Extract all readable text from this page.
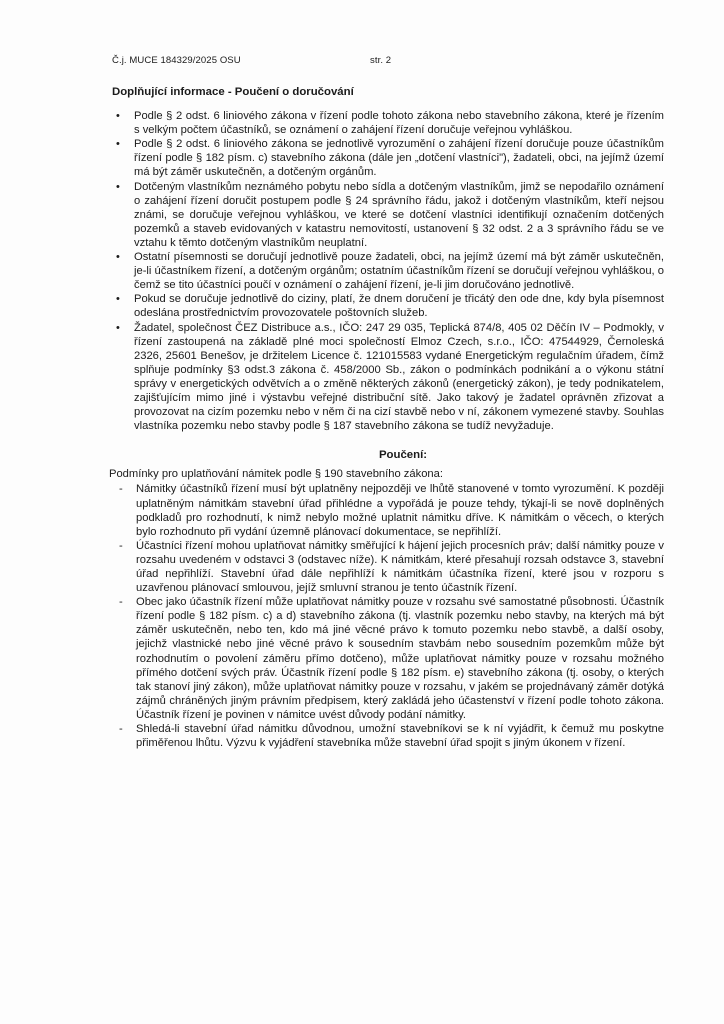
Č.j. MUCE 184329/2025 OSU	str. 2
Doplňující informace - Poučení o doručování
• Podle § 2 odst. 6 liniového zákona v řízení podle tohoto zákona nebo stavebního zákona, které je řízením s velkým počtem účastníků, se oznámení o zahájení řízení doručuje veřejnou vyhláškou.
• Podle § 2 odst. 6 liniového zákona se jednotlivě vyrozumění o zahájení řízení doručuje pouze účastníkům řízení podle § 182 písm. c) stavebního zákona (dále jen „dotčení vlastníci"), žadateli, obci, na jejímž území má být záměr uskutečněn, a dotčeným orgánům.
• Dotčeným vlastníkům neznámého pobytu nebo sídla a dotčeným vlastníkům, jimž se nepodařilo oznámení o zahájení řízení doručit postupem podle § 24 správního řádu, jakož i dotčeným vlastníkům, kteří nejsou známi, se doručuje veřejnou vyhláškou, ve které se dotčení vlastníci identifikují označením dotčených pozemků a staveb evidovaných v katastru nemovitostí, ustanovení § 32 odst. 2 a 3 správního řádu se ve vztahu k těmto dotčeným vlastníkům neuplatní.
• Ostatní písemnosti se doručují jednotlivě pouze žadateli, obci, na jejímž území má být záměr uskutečněn, je-li účastníkem řízení, a dotčeným orgánům; ostatním účastníkům řízení se doručují veřejnou vyhláškou, o čemž se tito účastníci poučí v oznámení o zahájení řízení, je-li jim doručováno jednotlivě.
• Pokud se doručuje jednotlivě do ciziny, platí, že dnem doručení je třicátý den ode dne, kdy byla písemnost odeslána prostřednictvím provozovatele poštovních služeb.
• Žadatel, společnost ČEZ Distribuce a.s., IČO: 247 29 035, Teplická 874/8, 405 02 Děčín IV – Podmokly, v řízení zastoupená na základě plné moci společností Elmoz Czech, s.r.o., IČO: 47544929, Černoleská 2326, 25601 Benešov, je držitelem Licence č. 121015583 vydané Energetickým regulačním úřadem, čímž splňuje podmínky §3 odst.3 zákona č. 458/2000 Sb., zákon o podmínkách podnikání a o výkonu státní správy v energetických odvětvích a o změně některých zákonů (energetický zákon), je tedy podnikatelem, zajišťujícím mimo jiné i výstavbu veřejné distribuční sítě. Jako takový je žadatel oprávněn zřizovat a provozovat na cizím pozemku nebo v něm či na cizí stavbě nebo v ní, zákonem vymezené stavby. Souhlas vlastníka pozemku nebo stavby podle § 187 stavebního zákona se tudíž nevyžaduje.
Poučení:
Podmínky pro uplatňování námitek podle § 190 stavebního zákona:
- Námitky účastníků řízení musí být uplatněny nejpozději ve lhůtě stanovené v tomto vyrozumění. K později uplatněným námitkám stavební úřad přihlédne a vypořádá je pouze tehdy, týkají-li se nově doplněných podkladů pro rozhodnutí, k nimž nebylo možné uplatnit námitku dříve. K námitkám o věcech, o kterých bylo rozhodnuto při vydání územně plánovací dokumentace, se nepřihlíží.
- Účastníci řízení mohou uplatňovat námitky směřující k hájení jejich procesních práv; další námitky pouze v rozsahu uvedeném v odstavci 3 (odstavec níže). K námitkám, které přesahují rozsah odstavce 3, stavební úřad nepřihlíží. Stavební úřad dále nepřihlíží k námitkám účastníka řízení, které jsou v rozporu s uzavřenou plánovací smlouvou, jejíž smluvní stranou je tento účastník řízení.
- Obec jako účastník řízení může uplatňovat námitky pouze v rozsahu své samostatné působnosti. Účastník řízení podle § 182 písm. c) a d) stavebního zákona (tj. vlastník pozemku nebo stavby, na kterých má být záměr uskutečněn, nebo ten, kdo má jiné věcné právo k tomuto pozemku nebo stavbě, a další osoby, jejichž vlastnické nebo jiné věcné právo k sousedním stavbám nebo sousedním pozemkům může být rozhodnutím o povolení záměru přímo dotčeno), může uplatňovat námitky pouze v rozsahu možného přímého dotčení svých práv. Účastník řízení podle § 182 písm. e) stavebního zákona (tj. osoby, o kterých tak stanoví jiný zákon), může uplatňovat námitky pouze v rozsahu, v jakém se projednávaný záměr dotýká zájmů chráněných jiným právním předpisem, který zakládá jeho účastenství v řízení podle tohoto zákona. Účastník řízení je povinen v námitce uvést důvody podání námitky.
- Shledá-li stavební úřad námitku důvodnou, umožní stavebníkovi se k ní vyjádřit, k čemuž mu poskytne přiměřenou lhůtu. Výzvu k vyjádření stavebníka může stavební úřad spojit s jiným úkonem v řízení.
